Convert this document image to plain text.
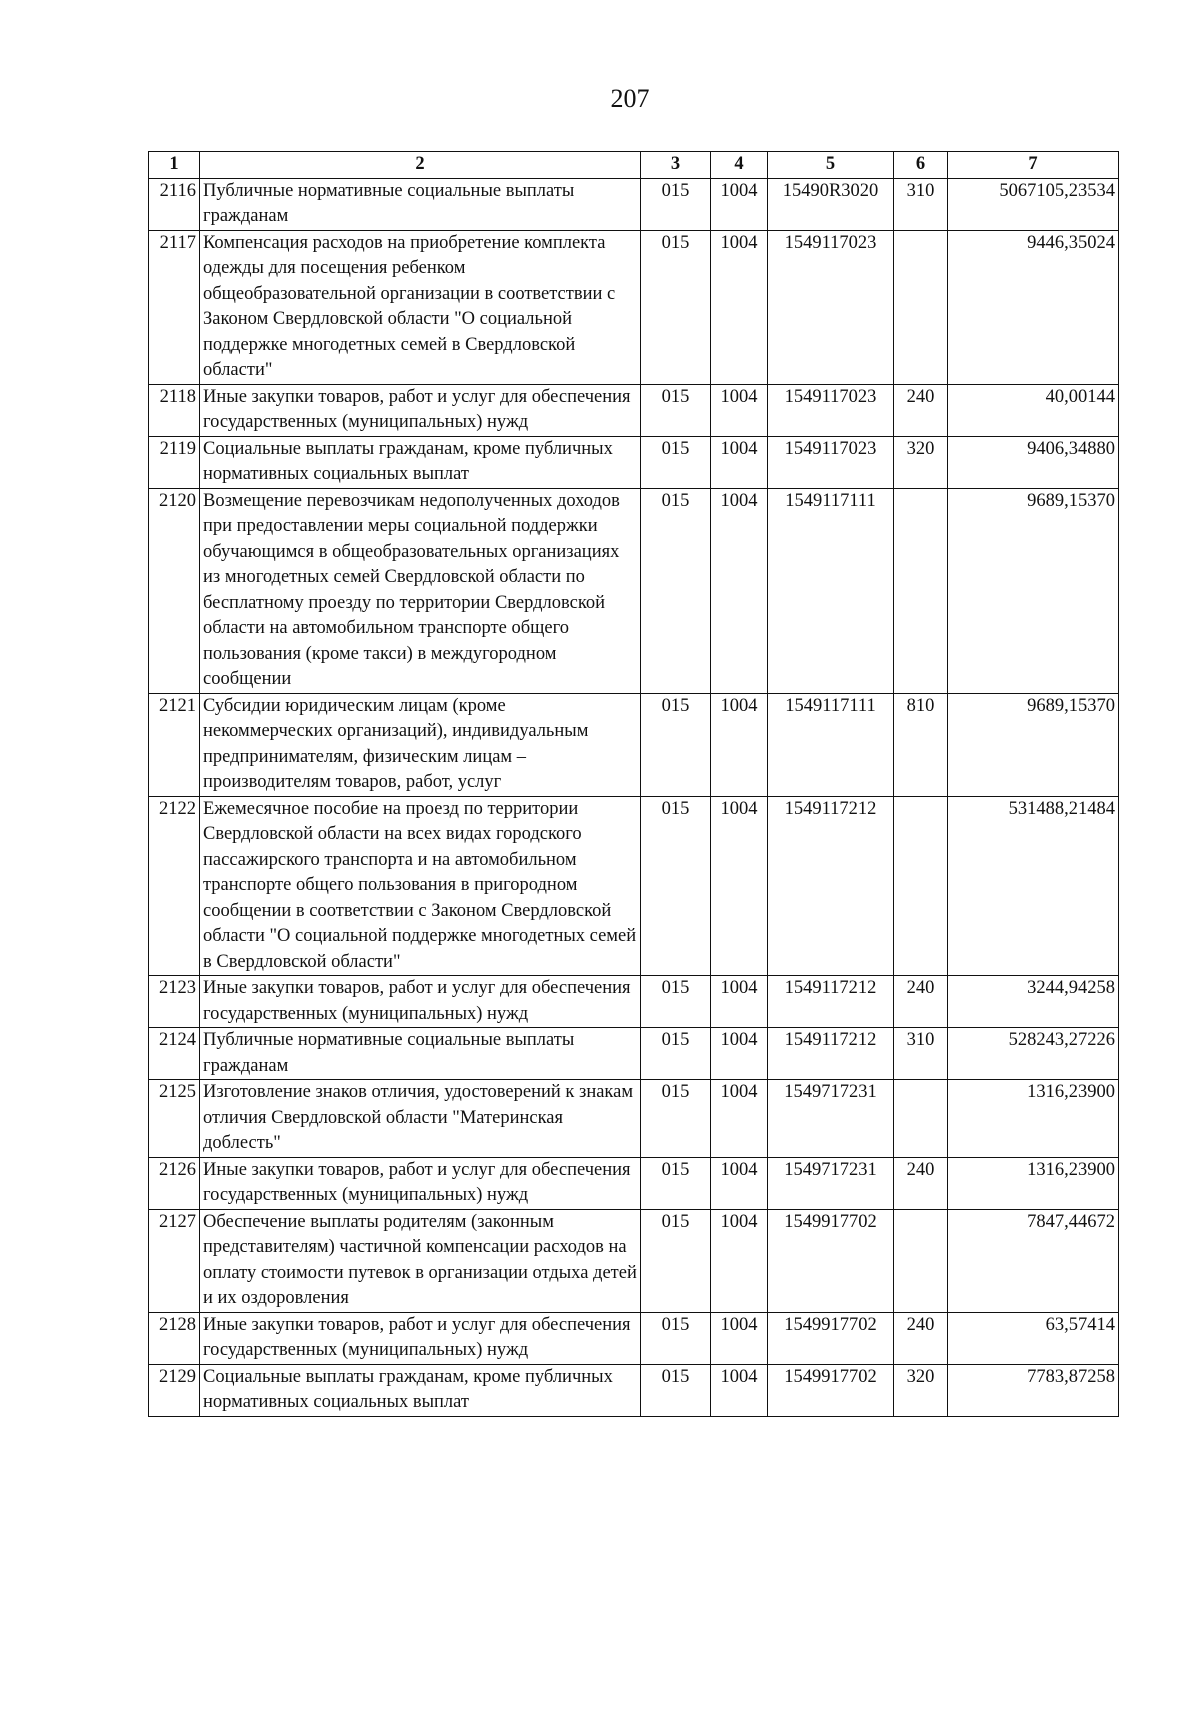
207
1	2	3	4	5	6	7
2116	Публичные нормативные социальные выплаты гражданам	015	1004	15490R3020	310	5067105,23534
2117	Компенсация расходов на приобретение комплекта одежды для посещения ребенком общеобразовательной организации в соответствии с Законом Свердловской области "О социальной поддержке многодетных семей в Свердловской области"	015	1004	1549117023		9446,35024
2118	Иные закупки товаров, работ и услуг для обеспечения государственных (муниципальных) нужд	015	1004	1549117023	240	40,00144
2119	Социальные выплаты гражданам, кроме публичных нормативных социальных выплат	015	1004	1549117023	320	9406,34880
2120	Возмещение перевозчикам недополученных доходов при предоставлении меры социальной поддержки обучающимся в общеобразовательных организациях из многодетных семей Свердловской области по бесплатному проезду по территории Свердловской области на автомобильном транспорте общего пользования (кроме такси) в междугородном сообщении	015	1004	1549117111		9689,15370
2121	Субсидии юридическим лицам (кроме некоммерческих организаций), индивидуальным предпринимателям, физическим лицам – производителям товаров, работ, услуг	015	1004	1549117111	810	9689,15370
2122	Ежемесячное пособие на проезд по территории Свердловской области на всех видах городского пассажирского транспорта и на автомобильном транспорте общего пользования в пригородном сообщении в соответствии с Законом Свердловской области "О социальной поддержке многодетных семей в Свердловской области"	015	1004	1549117212		531488,21484
2123	Иные закупки товаров, работ и услуг для обеспечения государственных (муниципальных) нужд	015	1004	1549117212	240	3244,94258
2124	Публичные нормативные социальные выплаты гражданам	015	1004	1549117212	310	528243,27226
2125	Изготовление знаков отличия, удостоверений к знакам отличия Свердловской области "Материнская доблесть"	015	1004	1549717231		1316,23900
2126	Иные закупки товаров, работ и услуг для обеспечения государственных (муниципальных) нужд	015	1004	1549717231	240	1316,23900
2127	Обеспечение выплаты родителям (законным представителям) частичной компенсации расходов на оплату стоимости путевок в организации отдыха детей и их оздоровления	015	1004	1549917702		7847,44672
2128	Иные закупки товаров, работ и услуг для обеспечения государственных (муниципальных) нужд	015	1004	1549917702	240	63,57414
2129	Социальные выплаты гражданам, кроме публичных нормативных социальных выплат	015	1004	1549917702	320	7783,87258
